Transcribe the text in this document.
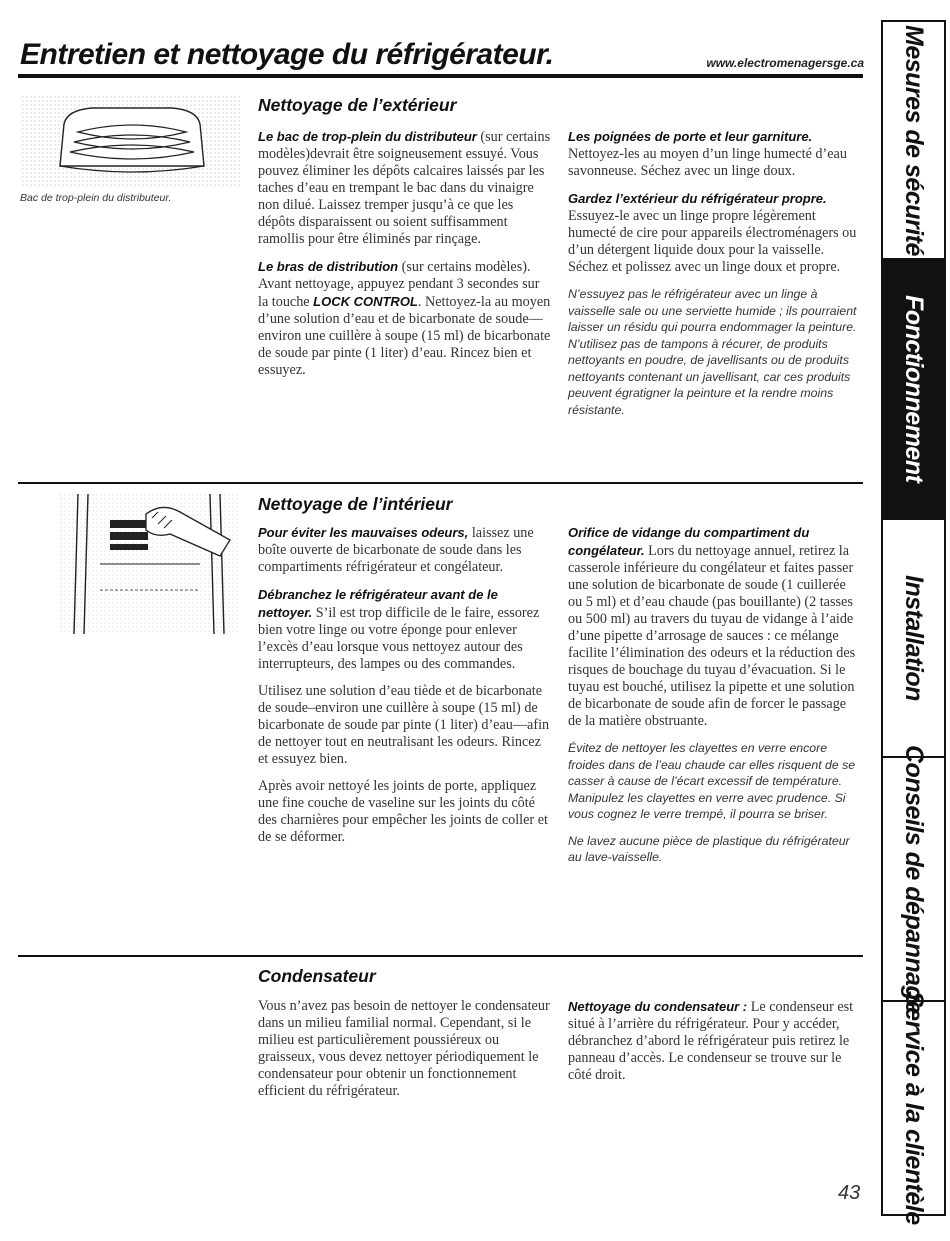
Entretien et nettoyage du réfrigérateur.	www.electromenagersge.ca
Bac de trop-plein du distributeur.
Nettoyage de l’extérieur

Le bac de trop-plein du distributeur (sur certains modèles)devrait être soigneusement essuyé. Vous pouvez éliminer les dépôts calcaires laissés par les taches d’eau en trempant le bac dans du vinaigre non dilué. Laissez tremper jusqu’à ce que les dépôts disparaissent ou soient suffisamment ramollis pour être éliminés par rinçage.

Le bras de distribution (sur certains modèles). Avant nettoyage, appuyez pendant 3 secondes sur la touche LOCK CONTROL. Nettoyez-la au moyen d’une solution d’eau et de bicarbonate de soude—environ une cuillère à soupe (15 ml) de bicarbonate de soude par pinte (1 liter) d’eau. Rincez bien et essuyez.

Les poignées de porte et leur garniture. Nettoyez-les au moyen d’un linge humecté d’eau savonneuse. Séchez avec un linge doux.

Gardez l’extérieur du réfrigérateur propre. Essuyez-le avec un linge propre légèrement humecté de cire pour appareils électroménagers ou d’un détergent liquide doux pour la vaisselle. Séchez et polissez avec un linge doux et propre.

N’essuyez pas le réfrigérateur avec un linge à vaisselle sale ou une serviette humide ; ils pourraient laisser un résidu qui pourra endommager la peinture. N’utilisez pas de tampons à récurer, de produits nettoyants en poudre, de javellisants ou de produits nettoyants contenant un javellisant, car ces produits peuvent égratigner la peinture et la rendre moins résistante.

Nettoyage de l’intérieur

Pour éviter les mauvaises odeurs, laissez une boîte ouverte de bicarbonate de soude dans les compartiments réfrigérateur et congélateur.

Débranchez le réfrigérateur avant de le nettoyer. S’il est trop difficile de le faire, essorez bien votre linge ou votre éponge pour enlever l’excès d’eau lorsque vous nettoyez autour des interrupteurs, des lampes ou des commandes.

Utilisez une solution d’eau tiède et de bicarbonate de soude–environ une cuillère à soupe (15 ml) de bicarbonate de soude par pinte (1 liter) d’eau—afin de nettoyer tout en neutralisant les odeurs. Rincez et essuyez bien.

Après avoir nettoyé les joints de porte, appliquez une fine couche de vaseline sur les joints du côté des charnières pour empêcher les joints de coller et de se déformer.

Orifice de vidange du compartiment du congélateur. Lors du nettoyage annuel, retirez la casserole inférieure du congélateur et faites passer une solution de bicarbonate de soude (1 cuillerée ou 5 ml) et d’eau chaude (pas bouillante) (2 tasses ou 500 ml) au travers du tuyau de vidange à l’aide d’une pipette d’arrosage de sauces : ce mélange facilite l’élimination des odeurs et la réduction des risques de bouchage du tuyau d’évacuation. Si le tuyau est bouché, utilisez la pipette et une solution de bicarbonate de soude afin de forcer le passage de la matière obstruante.

Évitez de nettoyer les clayettes en verre encore froides dans de l’eau chaude car elles risquent de se casser à cause de l’écart excessif de température. Manipulez les clayettes en verre avec prudence. Si vous cognez le verre trempé, il pourra se briser.

Ne lavez aucune pièce de plastique du réfrigérateur au lave-vaisselle.

Condensateur

Vous n’avez pas besoin de nettoyer le condensateur dans un milieu familial normal. Cependant, si le milieu est particulièrement poussiéreux ou graisseux, vous devez nettoyer périodiquement le condensateur pour obtenir un fonctionnement efficient du réfrigérateur.

Nettoyage du condensateur : Le condenseur est situé à l’arrière du réfrigérateur. Pour y accéder, débranchez d’abord le réfrigérateur puis retirez le panneau d’accès. Le condenseur se trouve sur le côté droit.

43
Mesures de sécurité
Fonctionnement
Installation
Conseils de dépannage
Service à la clientèle
